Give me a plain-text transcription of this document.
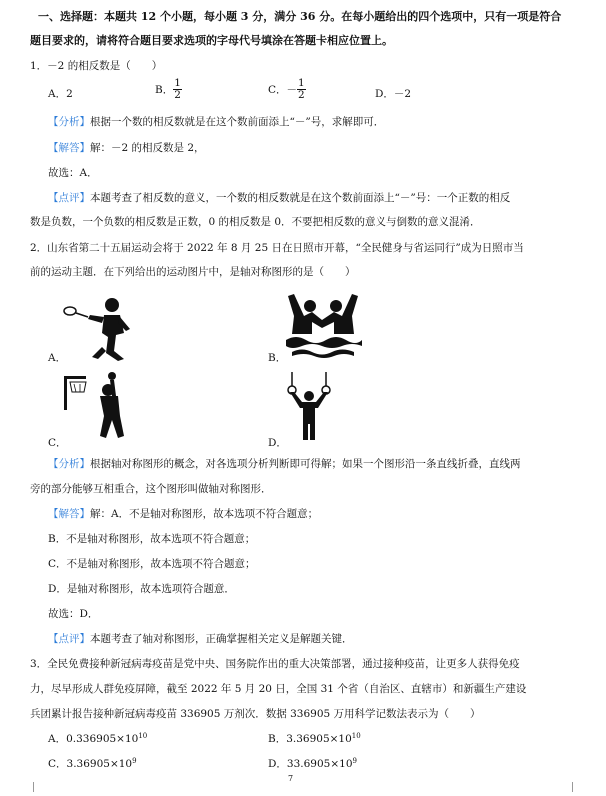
一、选择题：本题共 12 个小题，每小题 3 分，满分 36 分。在每小题给出的四个选项中，只有一项是符合
题目要求的，请将符合题目要求选项的字母代号填涂在答题卡相应位置上。
1．－2 的相反数是（　　）
A．2	B． $\frac{1}{2}$	C．－ $\frac{1}{2}$	D．－2
【分析】根据一个数的相反数就是在这个数前面添上“－”号，求解即可．
【解答】解：－2 的相反数是 2，
故选：A．
【点评】本题考查了相反数的意义，一个数的相反数就是在这个数前面添上“－”号：一个正数的相反
数是负数，一个负数的相反数是正数，0 的相反数是 0．不要把相反数的意义与倒数的意义混淆．
2．山东省第二十五届运动会将于 2022 年 8 月 25 日在日照市开幕，“全民健身与省运同行”成为日照市当
前的运动主题．在下列给出的运动图片中，是轴对称图形的是（　　）
A．	B．
C．	D．
【分析】根据轴对称图形的概念，对各选项分析判断即可得解；如果一个图形沿一条直线折叠，直线两
旁的部分能够互相重合，这个图形叫做轴对称图形．
【解答】解：A．不是轴对称图形，故本选项不符合题意；
B．不是轴对称图形，故本选项不符合题意；
C．不是轴对称图形，故本选项不符合题意；
D．是轴对称图形，故本选项符合题意．
故选：D．
【点评】本题考查了轴对称图形，正确掌握相关定义是解题关键．
3．全民免费接种新冠病毒疫苗是党中央、国务院作出的重大决策部署，通过接种疫苗，让更多人获得免疫
力，尽早形成人群免疫屏障，截至 2022 年 5 月 20 日，全国 31 个省（自治区、直辖市）和新疆生产建设
兵团累计报告接种新冠病毒疫苗 336905 万剂次．数据 336905 万用科学记数法表示为（　　）
A．$0.336905\times 10^{10}$	B．$3.36905\times 10^{10}$
C．$3.36905\times 10^9$	D．$33.6905\times 10^9$
7
